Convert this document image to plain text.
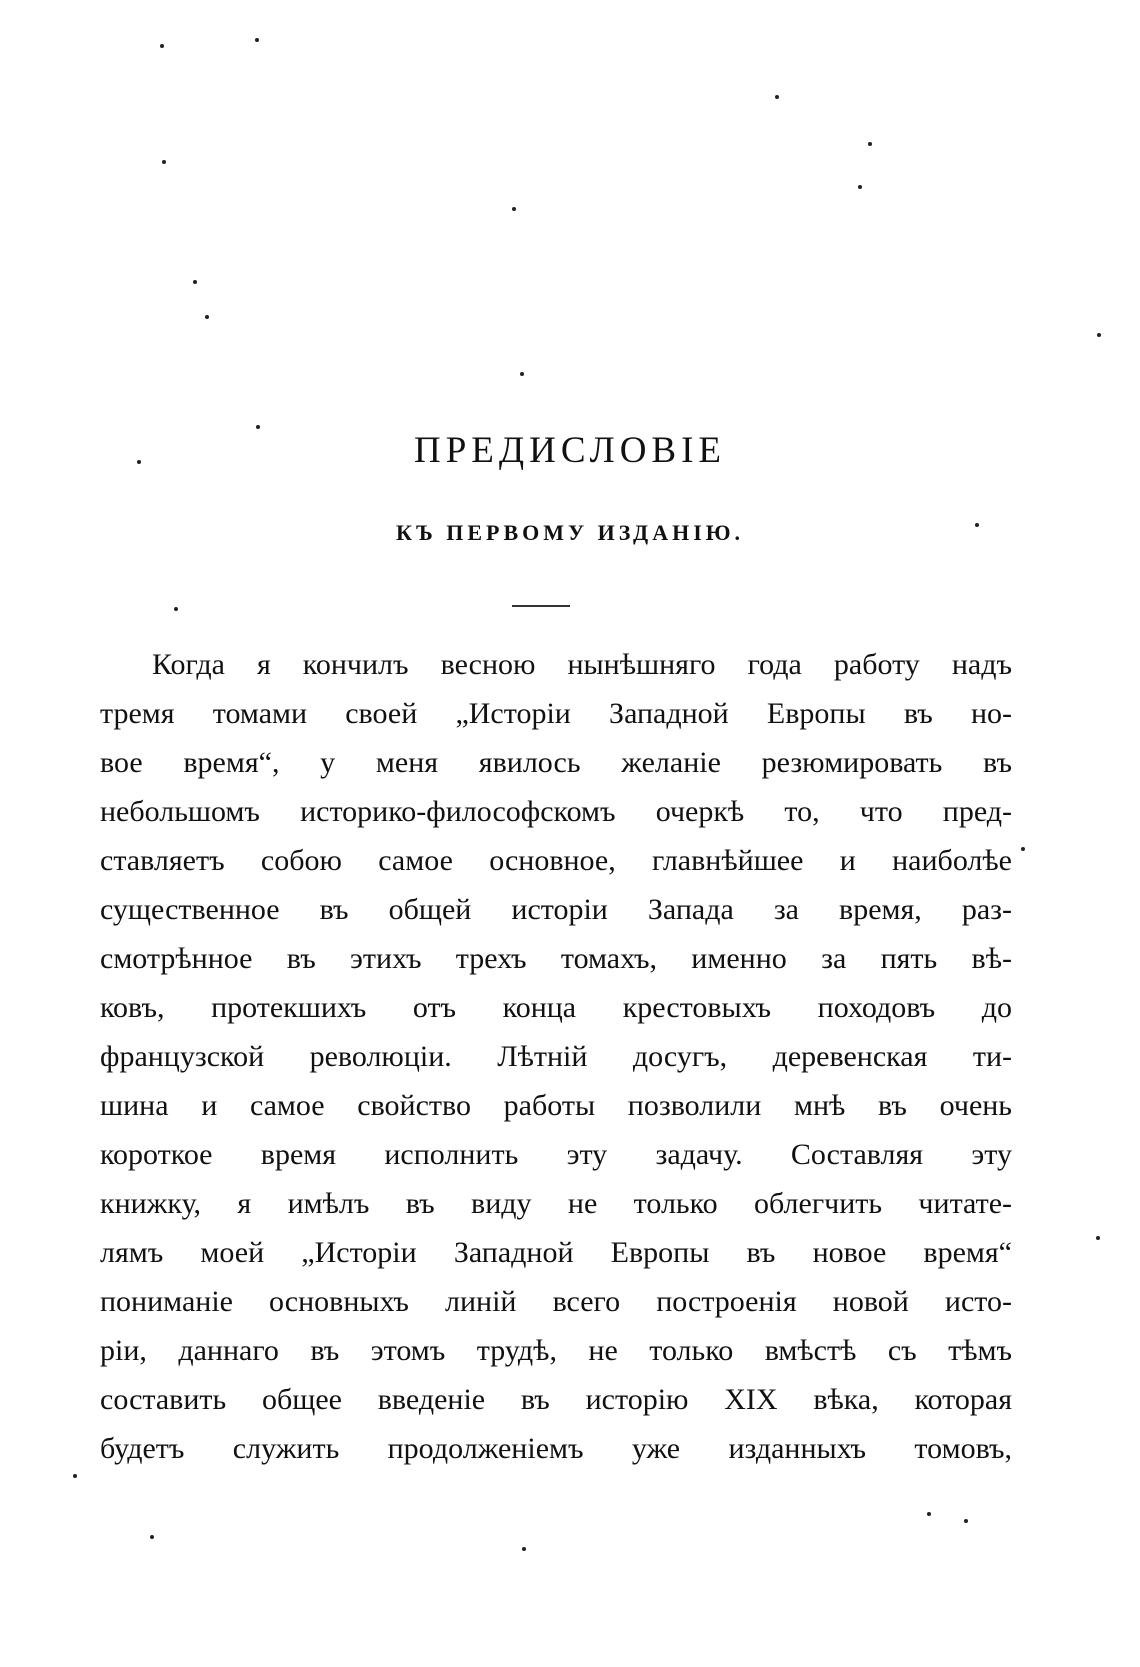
ПРЕДИСЛОВІЕ
КЪ ПЕРВОМУ ИЗДАНІЮ.
Когда я кончилъ весною нынѣшняго года работу надъ
тремя томами своей „Исторіи Западной Европы въ но-
вое время“, у меня явилось желаніе резюмировать въ
небольшомъ историко-философскомъ очеркѣ то, что пред-
ставляетъ собою самое основное, главнѣйшее и наиболѣе
существенное въ общей исторіи Запада за время, раз-
смотрѣнное въ этихъ трехъ томахъ, именно за пять вѣ-
ковъ, протекшихъ отъ конца крестовыхъ походовъ до
французской революціи. Лѣтній досугъ, деревенская ти-
шина и самое свойство работы позволили мнѣ въ очень
короткое время исполнить эту задачу. Составляя эту
книжку, я имѣлъ въ виду не только облегчить читате-
лямъ моей „Исторіи Западной Европы въ новое время“
пониманіе основныхъ линій всего построенія новой исто-
ріи, даннаго въ этомъ трудѣ, не только вмѣстѣ съ тѣмъ
составить общее введеніе въ исторію XIX вѣка, которая
будетъ служить продолженіемъ уже изданныхъ томовъ,
